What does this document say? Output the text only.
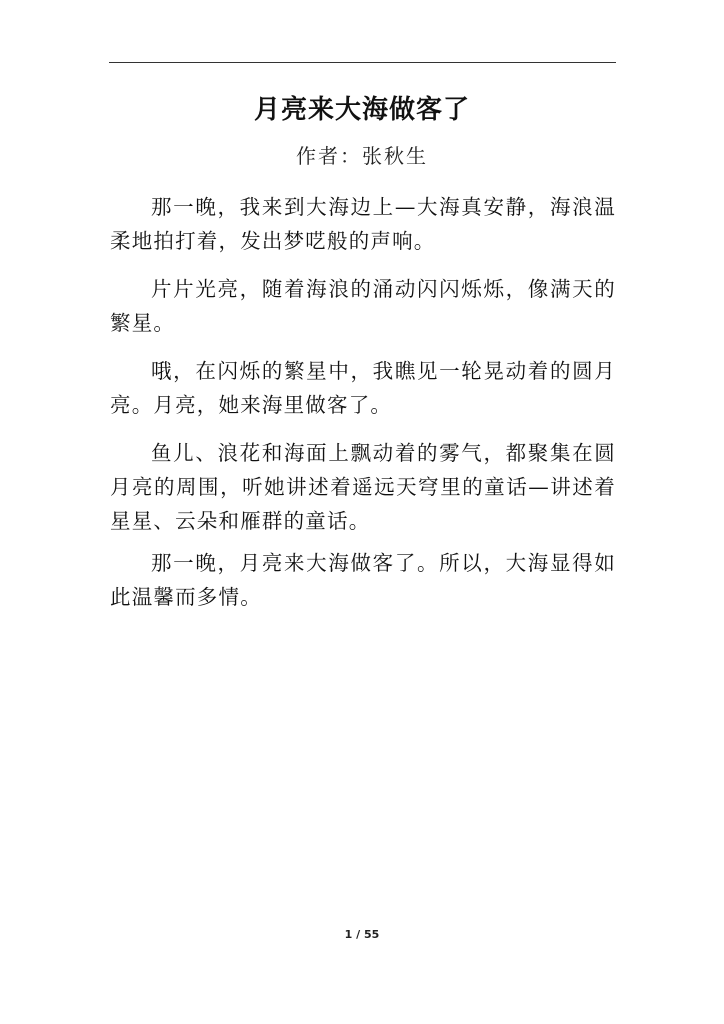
月亮来大海做客了
作者：张秋生

那一晚，我来到大海边上—大海真安静，海浪温柔地拍打着，发出梦呓般的声响。

片片光亮，随着海浪的涌动闪闪烁烁，像满天的繁星。

哦，在闪烁的繁星中，我瞧见一轮晃动着的圆月亮。月亮，她来海里做客了。

鱼儿、浪花和海面上飘动着的雾气，都聚集在圆月亮的周围，听她讲述着遥远天穹里的童话—讲述着星星、云朵和雁群的童话。

那一晚，月亮来大海做客了。所以，大海显得如此温馨而多情。

1 / 55
